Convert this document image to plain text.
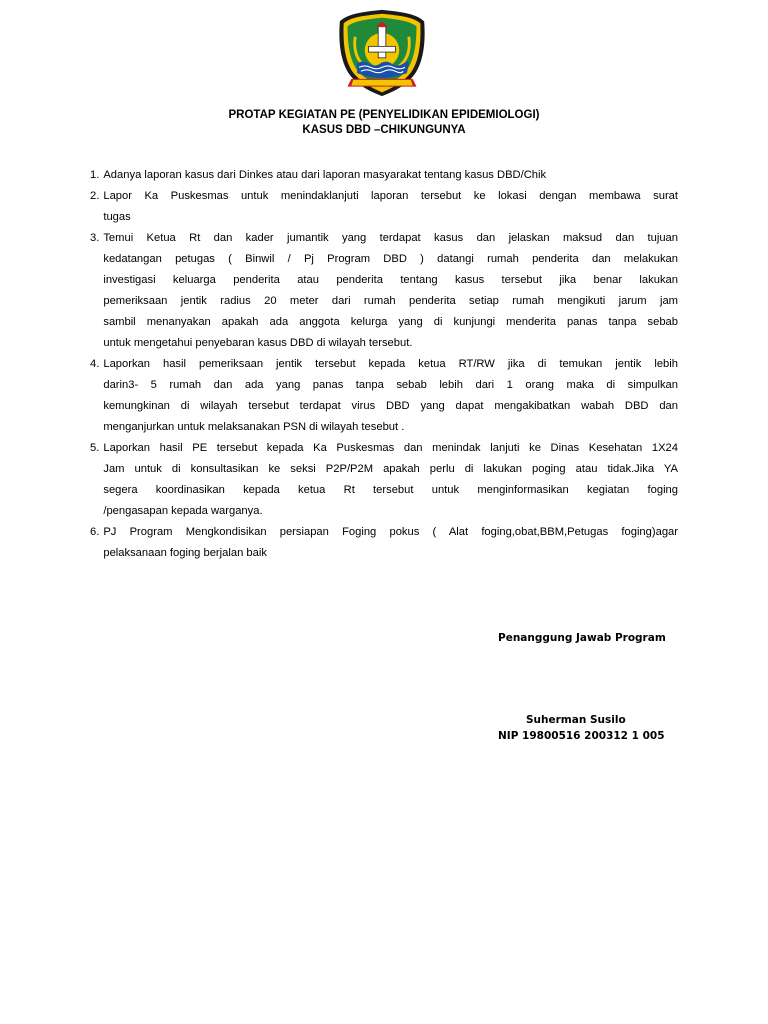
PROTAP KEGIATAN PE (PENYELIDIKAN EPIDEMIOLOGI)
KASUS DBD –CHIKUNGUNYA
1. Adanya laporan kasus dari Dinkes atau dari laporan masyarakat tentang kasus DBD/Chik
2. Lapor Ka Puskesmas untuk menindaklanjuti laporan tersebut ke lokasi dengan membawa surat
tugas
3. Temui Ketua Rt dan kader jumantik yang terdapat kasus dan jelaskan maksud dan tujuan
kedatangan petugas ( Binwil / Pj Program DBD ) datangi rumah penderita dan melakukan
investigasi keluarga penderita atau penderita tentang kasus tersebut jika benar lakukan
pemeriksaan jentik radius 20 meter dari rumah penderita setiap rumah mengikuti jarum jam
sambil menanyakan apakah ada anggota kelurga yang di kunjungi menderita panas tanpa sebab
untuk mengetahui penyebaran kasus DBD di wilayah tersebut.
4. Laporkan hasil pemeriksaan jentik tersebut kepada ketua RT/RW jika di temukan jentik lebih
darin3- 5 rumah dan ada yang panas tanpa sebab lebih dari 1 orang maka di simpulkan
kemungkinan di wilayah tersebut terdapat virus DBD yang dapat mengakibatkan wabah DBD dan
menganjurkan untuk melaksanakan PSN di wilayah tesebut .
5. Laporkan hasil PE tersebut kepada Ka Puskesmas dan menindak lanjuti ke Dinas Kesehatan 1X24
Jam untuk di konsultasikan ke seksi P2P/P2M apakah perlu di lakukan poging atau tidak.Jika YA
segera koordinasikan kepada ketua Rt tersebut untuk menginformasikan kegiatan foging
/pengasapan kepada warganya.
6. PJ Program Mengkondisikan persiapan Foging pokus ( Alat foging,obat,BBM,Petugas foging)agar
pelaksanaan foging berjalan baik
Penanggung Jawab Program
Suherman Susilo
NIP 19800516 200312 1 005
